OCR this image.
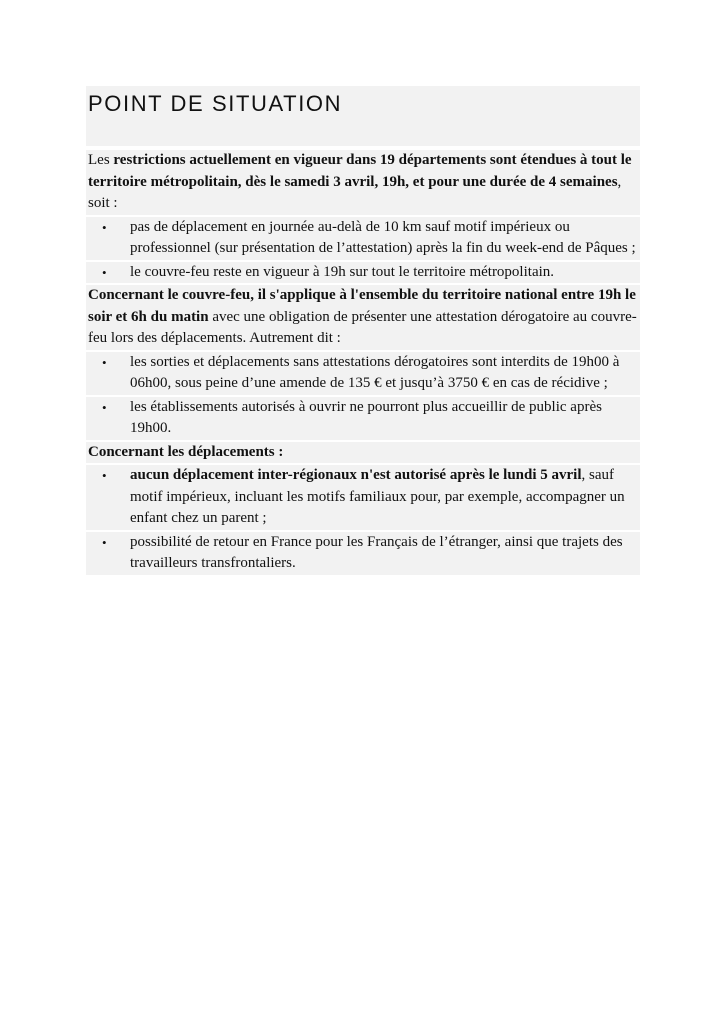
POINT DE SITUATION
Les restrictions actuellement en vigueur dans 19 départements sont étendues à tout le territoire métropolitain, dès le samedi 3 avril, 19h, et pour une durée de 4 semaines, soit :
• pas de déplacement en journée au-delà de 10 km sauf motif impérieux ou professionnel (sur présentation de l’attestation) après la fin du week-end de Pâques ;
• le couvre-feu reste en vigueur à 19h sur tout le territoire métropolitain.
Concernant le couvre-feu, il s'applique à l'ensemble du territoire national entre 19h le soir et 6h du matin avec une obligation de présenter une attestation dérogatoire au couvre-feu lors des déplacements. Autrement dit :
• les sorties et déplacements sans attestations dérogatoires sont interdits de 19h00 à 06h00, sous peine d’une amende de 135 € et jusqu’à 3750 € en cas de récidive ;
• les établissements autorisés à ouvrir ne pourront plus accueillir de public après 19h00.
Concernant les déplacements :
• aucun déplacement inter-régionaux n'est autorisé après le lundi 5 avril, sauf motif impérieux, incluant les motifs familiaux pour, par exemple, accompagner un enfant chez un parent ;
• possibilité de retour en France pour les Français de l’étranger, ainsi que trajets des travailleurs transfrontaliers.
